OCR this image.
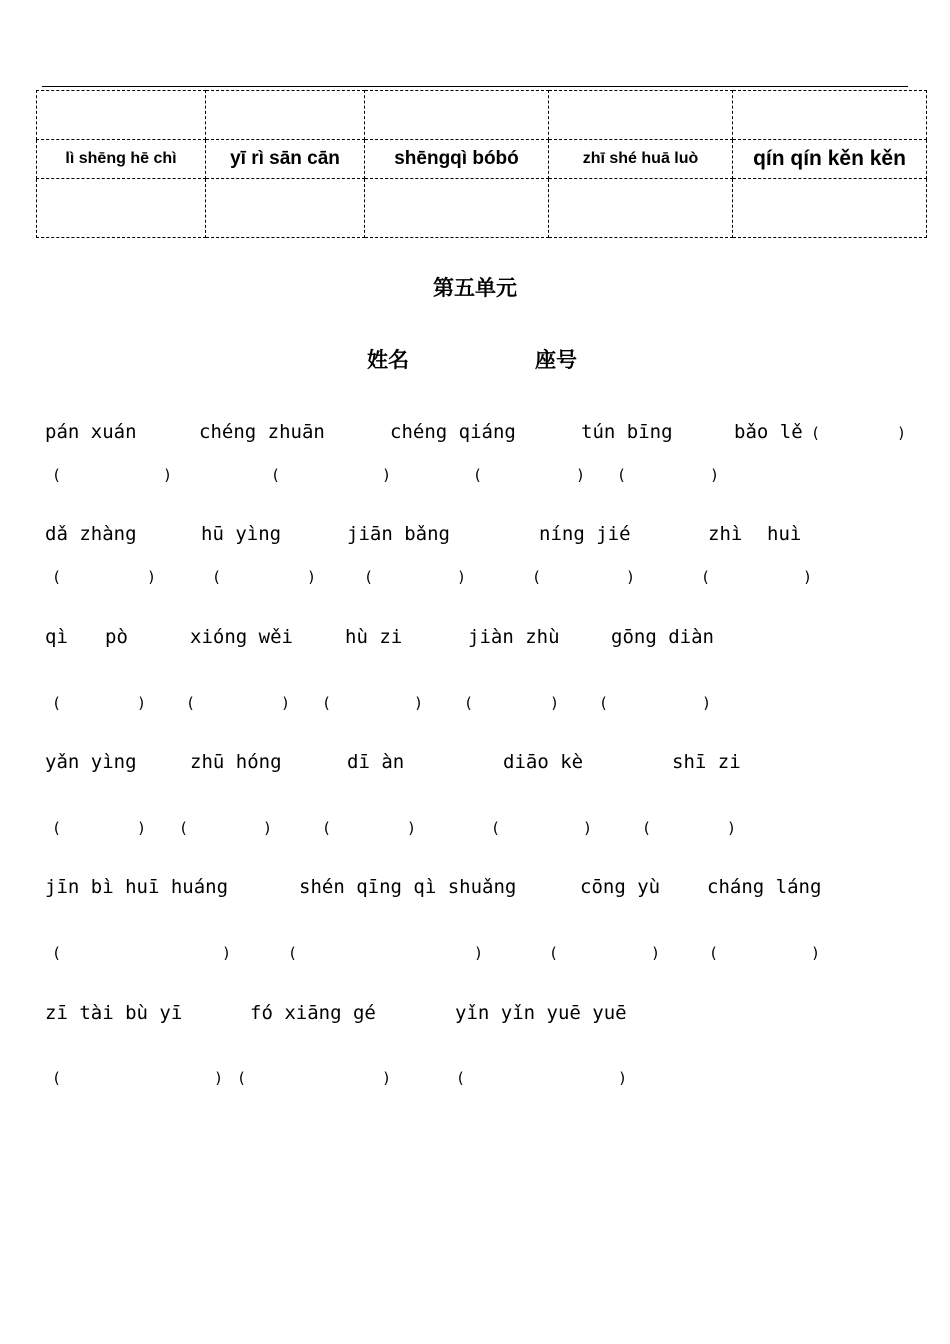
lì shēng hē chì	yī rì sān cān	shēngqì bóbó	zhī shé huā luò	qín qín kěn kěn

第五单元
姓名	座号
pán xuán	chéng zhuān	chéng qiáng	tún bīng	bǎo lě (	)
(	)	(	)	(	) (	)
dǎ zhàng	hū yìng	jiān bǎng	níng jié	zhì huì
(	)	(	)	(	)	(	)	(	)
qì pò	xióng wěi	hù zi	jiàn zhù	gōng diàn
(	)	(	) (	)	(	)	(	)
yǎn yìng	zhū hóng	dī àn	diāo kè	shī zi
(	) (	)	(	)	(	)	(	)
jīn bì huī huáng	shén qīng qì shuǎng	cōng yù cháng láng
(	)	(	)	(	)	(	)
zī tài bù yī	fó xiāng gé	yǐn yǐn yuē yuē
(	) (	)	(	)
